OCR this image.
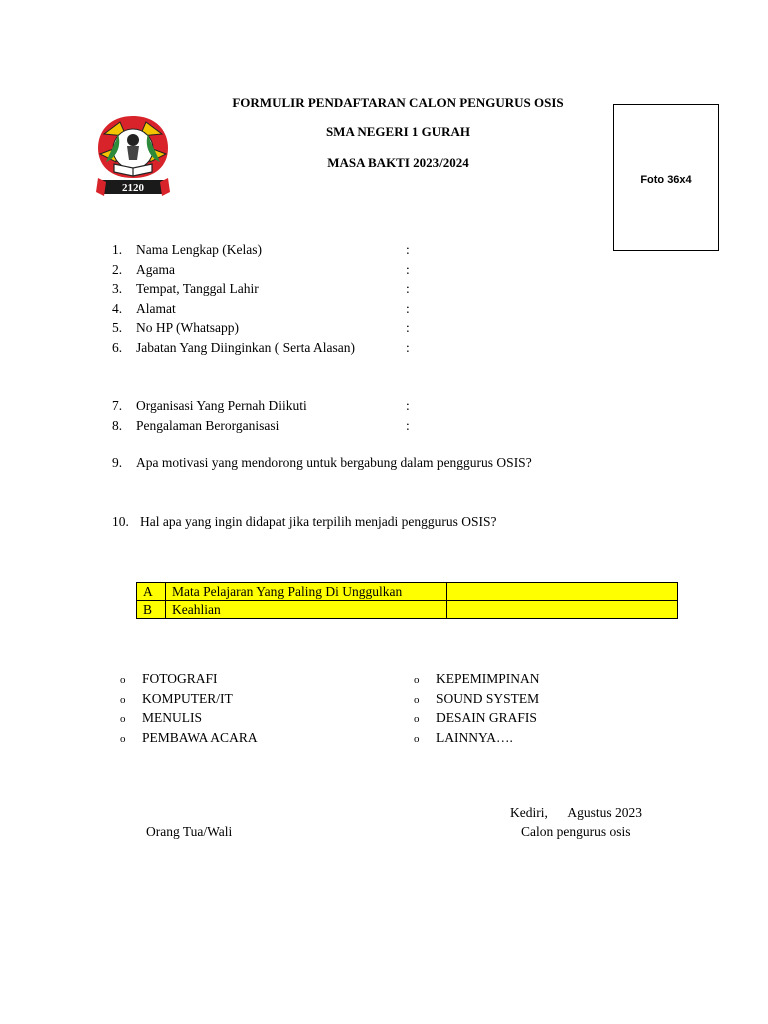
FORMULIR PENDAFTARAN CALON PENGURUS OSIS
SMA NEGERI 1 GURAH
MASA BAKTI 2023/2024
2120
Foto 36x4
1.	Nama Lengkap (Kelas)	:
2.	Agama	:
3.	Tempat, Tanggal Lahir	:
4.	Alamat	:
5.	No HP (Whatsapp)	:
6.	Jabatan Yang Diinginkan ( Serta Alasan)	:
7.	Organisasi Yang Pernah Diikuti	:
8.	Pengalaman Berorganisasi	:
9. Apa motivasi yang mendorong untuk bergabung dalam penggurus OSIS?
10. Hal apa yang ingin didapat jika terpilih menjadi penggurus OSIS?
A	Mata Pelajaran Yang Paling Di Unggulkan	
B	Keahlian	
o FOTOGRAFI
o KOMPUTER/IT
o MENULIS
o PEMBAWA ACARA
o KEPEMIMPINAN
o SOUND SYSTEM
o DESAIN GRAFIS
o LAINNYA….
Kediri,      Agustus 2023
Orang Tua/Wali	Calon pengurus osis
